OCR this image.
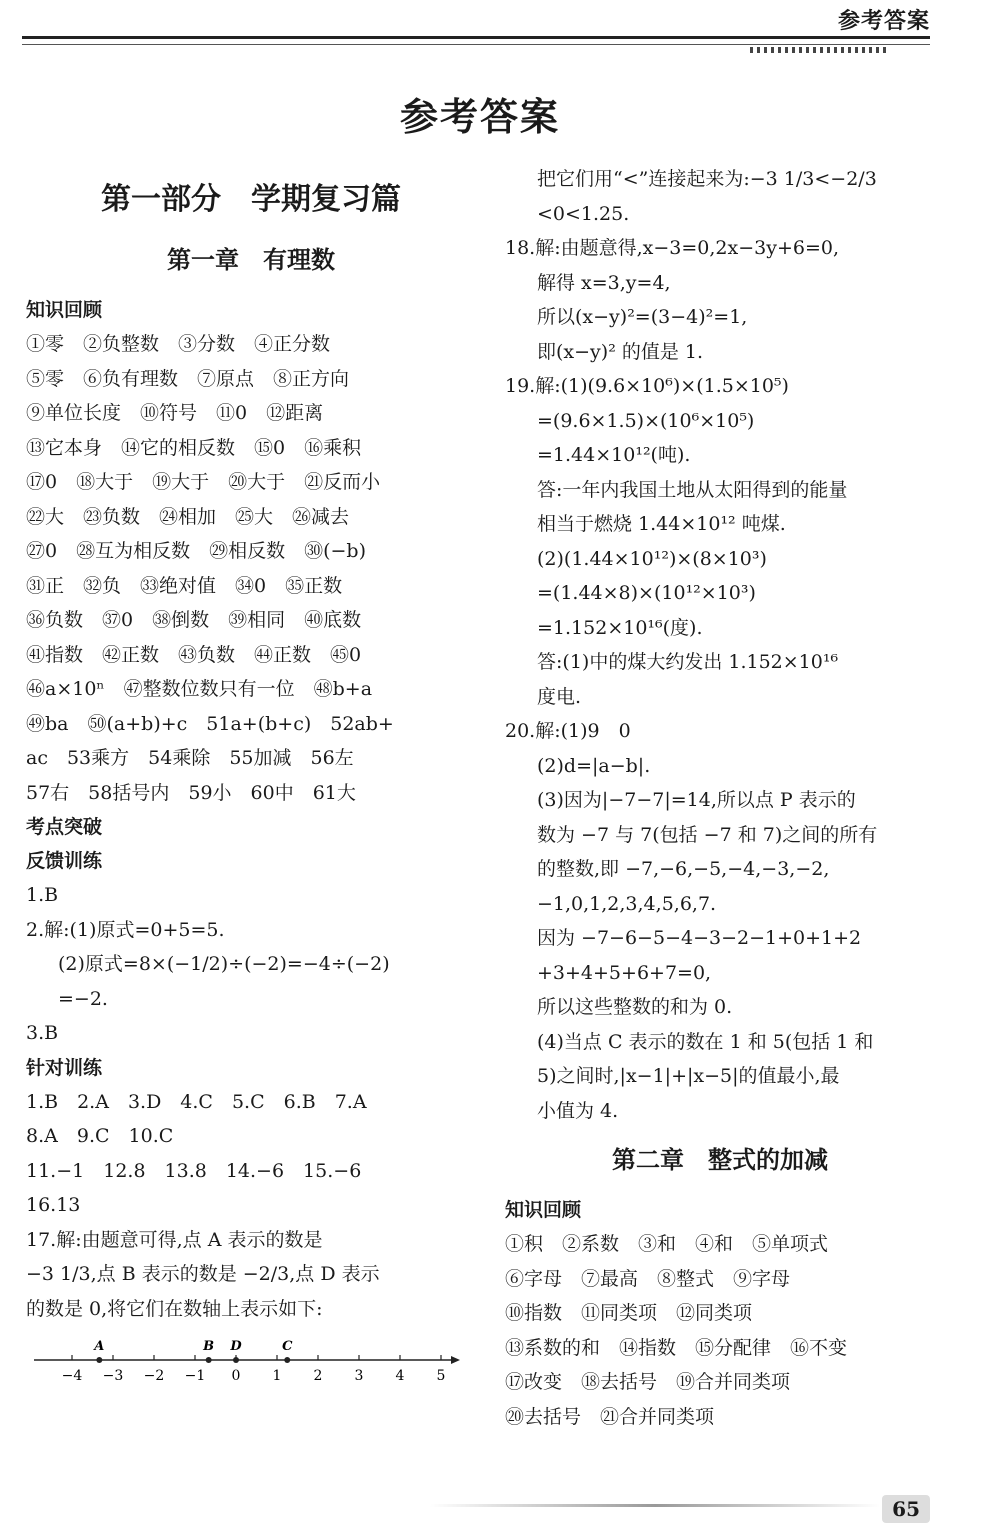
参考答案
参考答案
第一部分　学期复习篇
第一章　有理数
知识回顾
①零　②负整数　③分数　④正分数
⑤零　⑥负有理数　⑦原点　⑧正方向
⑨单位长度　⑩符号　⑪0　⑫距离
⑬它本身　⑭它的相反数　⑮0　⑯乘积
⑰0　⑱大于　⑲大于　⑳大于　㉑反而小
㉒大　㉓负数　㉔相加　㉕大　㉖减去
㉗0　㉘互为相反数　㉙相反数　㉚(−b)
㉛正　㉜负　㉝绝对值　㉞0　㉟正数
㊱负数　㊲0　㊳倒数　㊴相同　㊵底数
㊶指数　㊷正数　㊸负数　㊹正数　㊺0
㊻a×10ⁿ　㊼整数位数只有一位　㊽b+a
㊾ba　㊿(a+b)+c　51a+(b+c)　52ab+
ac　53乘方　54乘除　55加减　56左
57右　58括号内　59小　60中　61大
考点突破
反馈训练
1.B
2.解:(1)原式=0+5=5.
(2)原式=8×(−1/2)÷(−2)=−4÷(−2)
=−2.
3.B
针对训练
1.B　2.A　3.D　4.C　5.C　6.B　7.A
8.A　9.C　10.C
11.−1　12.8　13.8　14.−6　15.−6
16.13
17.解:由题意可得,点 A 表示的数是
−3 1/3,点 B 表示的数是 −2/3,点 D 表示
的数是 0,将它们在数轴上表示如下:
−4 −3 −2 −1 0 1 2 3 4 5
A	B D	C
把它们用“<”连接起来为:−3 1/3<−2/3
<0<1.25.
18.解:由题意得,x−3=0,2x−3y+6=0,
解得 x=3,y=4,
所以(x−y)²=(3−4)²=1,
即(x−y)² 的值是 1.
19.解:(1)(9.6×10⁶)×(1.5×10⁵)
=(9.6×1.5)×(10⁶×10⁵)
=1.44×10¹²(吨).
答:一年内我国土地从太阳得到的能量
相当于燃烧 1.44×10¹² 吨煤.
(2)(1.44×10¹²)×(8×10³)
=(1.44×8)×(10¹²×10³)
=1.152×10¹⁶(度).
答:(1)中的煤大约发出 1.152×10¹⁶
度电.
20.解:(1)9　0
(2)d=|a−b|.
(3)因为|−7−7|=14,所以点 P 表示的
数为 −7 与 7(包括 −7 和 7)之间的所有
的整数,即 −7,−6,−5,−4,−3,−2,
−1,0,1,2,3,4,5,6,7.
因为 −7−6−5−4−3−2−1+0+1+2
+3+4+5+6+7=0,
所以这些整数的和为 0.
(4)当点 C 表示的数在 1 和 5(包括 1 和
5)之间时,|x−1|+|x−5|的值最小,最
小值为 4.
第二章　整式的加减
知识回顾
①积　②系数　③和　④和　⑤单项式
⑥字母　⑦最高　⑧整式　⑨字母
⑩指数　⑪同类项　⑫同类项
⑬系数的和　⑭指数　⑮分配律　⑯不变
⑰改变　⑱去括号　⑲合并同类项
⑳去括号　㉑合并同类项
65
